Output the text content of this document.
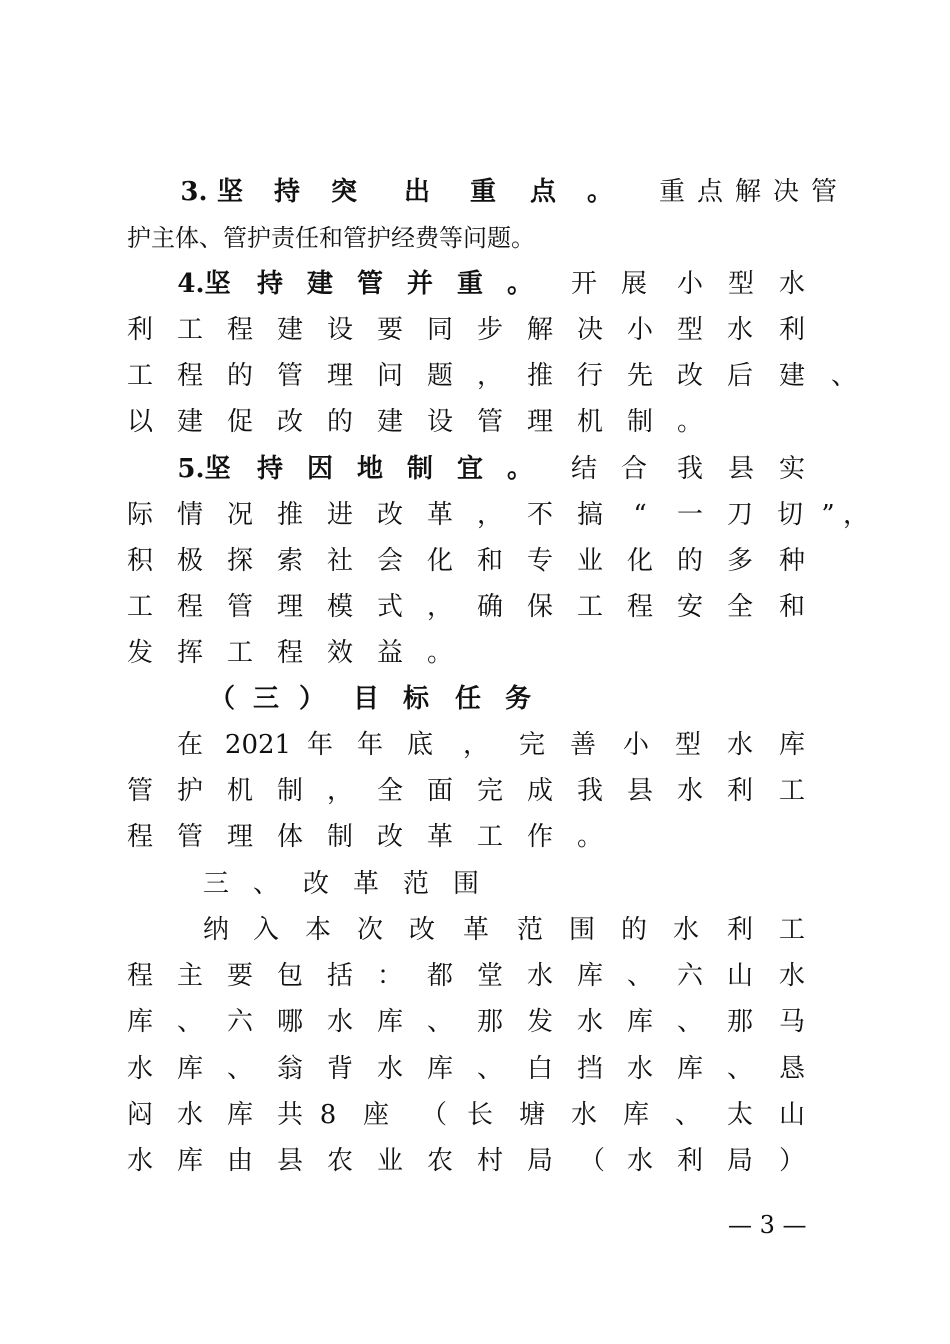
3. 坚 持 突 出 重 点 。 重 点 解 决 管
护主体、管护责任和管护经费等问题。
4.坚 持 建 管 并 重 。 开 展 小 型 水
利 工 程 建 设 要 同 步 解 决 小 型 水 利
工 程 的 管 理 问 题 ， 推 行 先 改 后 建 、
以 建 促 改 的 建 设 管 理 机 制 。
5.坚 持 因 地 制 宜 。 结 合 我 县 实
际 情 况 推 进 改 革 ， 不 搞	“	一 刀 切 ” ，
积 极 探 索 社 会 化 和 专 业 化 的 多 种
工 程 管 理 模 式 ， 确 保 工 程 安 全 和
发 挥 工 程 效 益 。
（ 三 ） 目 标 任 务
在 2021 年 年 底 ， 完 善 小 型 水 库
管 护 机 制 ， 全 面 完 成 我 县 水 利 工
程 管 理 体 制 改 革 工 作 。
三 、 改 革 范 围
纳 入 本 次 改 革 范 围 的 水 利 工
程 主 要 包 括 ： 都 堂 水 库 、 六 山 水
库 、 六 哪 水 库 、 那 发 水 库 、 那 马
水 库 、 翁 背 水 库 、 白 挡 水 库 、 恳
闷 水 库 共 8	座 （ 长 塘 水 库 、 太 山
水 库 由 县 农 业 农 村 局 （ 水 利 局 ）
— 3 —
